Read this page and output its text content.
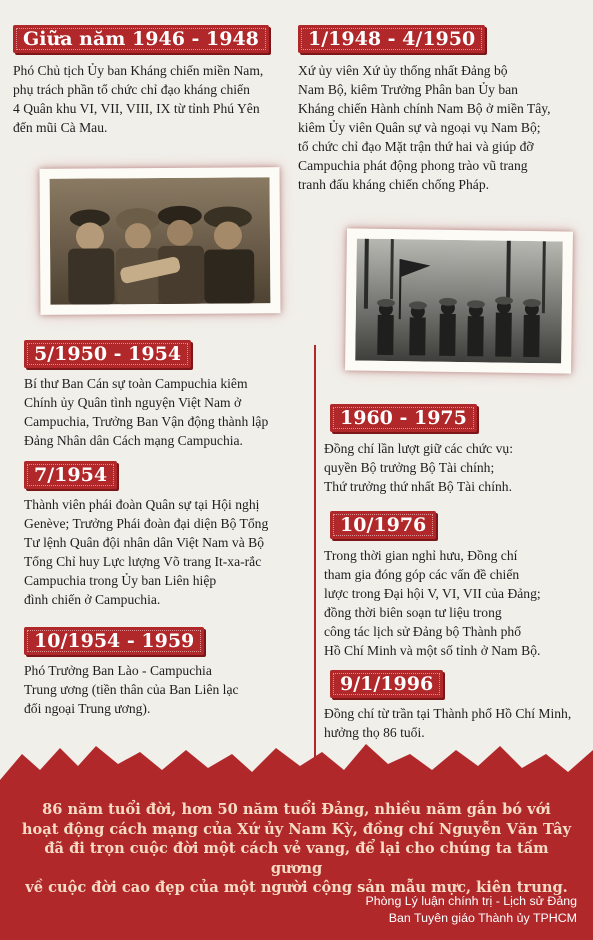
Giữa năm 1946 - 1948
Phó Chủ tịch Ủy ban Kháng chiến miền Nam,
phụ trách phần tổ chức chỉ đạo kháng chiến
4 Quân khu VI, VII, VIII, IX từ tỉnh Phú Yên
đến mũi Cà Mau.
5/1950 - 1954
Bí thư Ban Cán sự toàn Campuchia kiêm
Chính ủy Quân tình nguyện Việt Nam ở
Campuchia, Trưởng Ban Vận động thành lập
Đảng Nhân dân Cách mạng Campuchia.
7/1954
Thành viên phái đoàn Quân sự tại Hội nghị
Genève; Trưởng Phái đoàn đại diện Bộ Tổng
Tư lệnh Quân đội nhân dân Việt Nam và Bộ
Tổng Chỉ huy Lực lượng Võ trang It-xa-rắc
Campuchia trong Ủy ban Liên hiệp
đình chiến ở Campuchia.
10/1954 - 1959
Phó Trưởng Ban Lào - Campuchia
Trung ương (tiền thân của Ban Liên lạc
đối ngoại Trung ương).
1/1948 - 4/1950
Xứ ủy viên Xứ ủy thống nhất Đảng bộ
Nam Bộ, kiêm Trưởng Phân ban Ủy ban
Kháng chiến Hành chính Nam Bộ ở miền Tây,
kiêm Ủy viên Quân sự và ngoại vụ Nam Bộ;
tổ chức chỉ đạo Mặt trận thứ hai và giúp đỡ
Campuchia phát động phong trào vũ trang
tranh đấu kháng chiến chống Pháp.
1960 - 1975
Đồng chí lần lượt giữ các chức vụ:
quyền Bộ trưởng Bộ Tài chính;
Thứ trưởng thứ nhất Bộ Tài chính.
10/1976
Trong thời gian nghỉ hưu, Đồng chí
tham gia đóng góp các vấn đề chiến
lược trong Đại hội V, VI, VII của Đảng;
đồng thời biên soạn tư liệu trong
công tác lịch sử Đảng bộ Thành phố
Hồ Chí Minh và một số tỉnh ở Nam Bộ.
9/1/1996
Đồng chí từ trần tại Thành phố Hồ Chí Minh,
hưởng thọ 86 tuổi.
86 năm tuổi đời, hơn 50 năm tuổi Đảng, nhiều năm gắn bó với
hoạt động cách mạng của Xứ ủy Nam Kỳ, đồng chí Nguyễn Văn Tây
đã đi trọn cuộc đời một cách vẻ vang, để lại cho chúng ta tấm gương
về cuộc đời cao đẹp của một người cộng sản mẫu mực, kiên trung.
Phòng Lý luận chính trị - Lịch sử Đảng
Ban Tuyên giáo Thành ủy TPHCM
